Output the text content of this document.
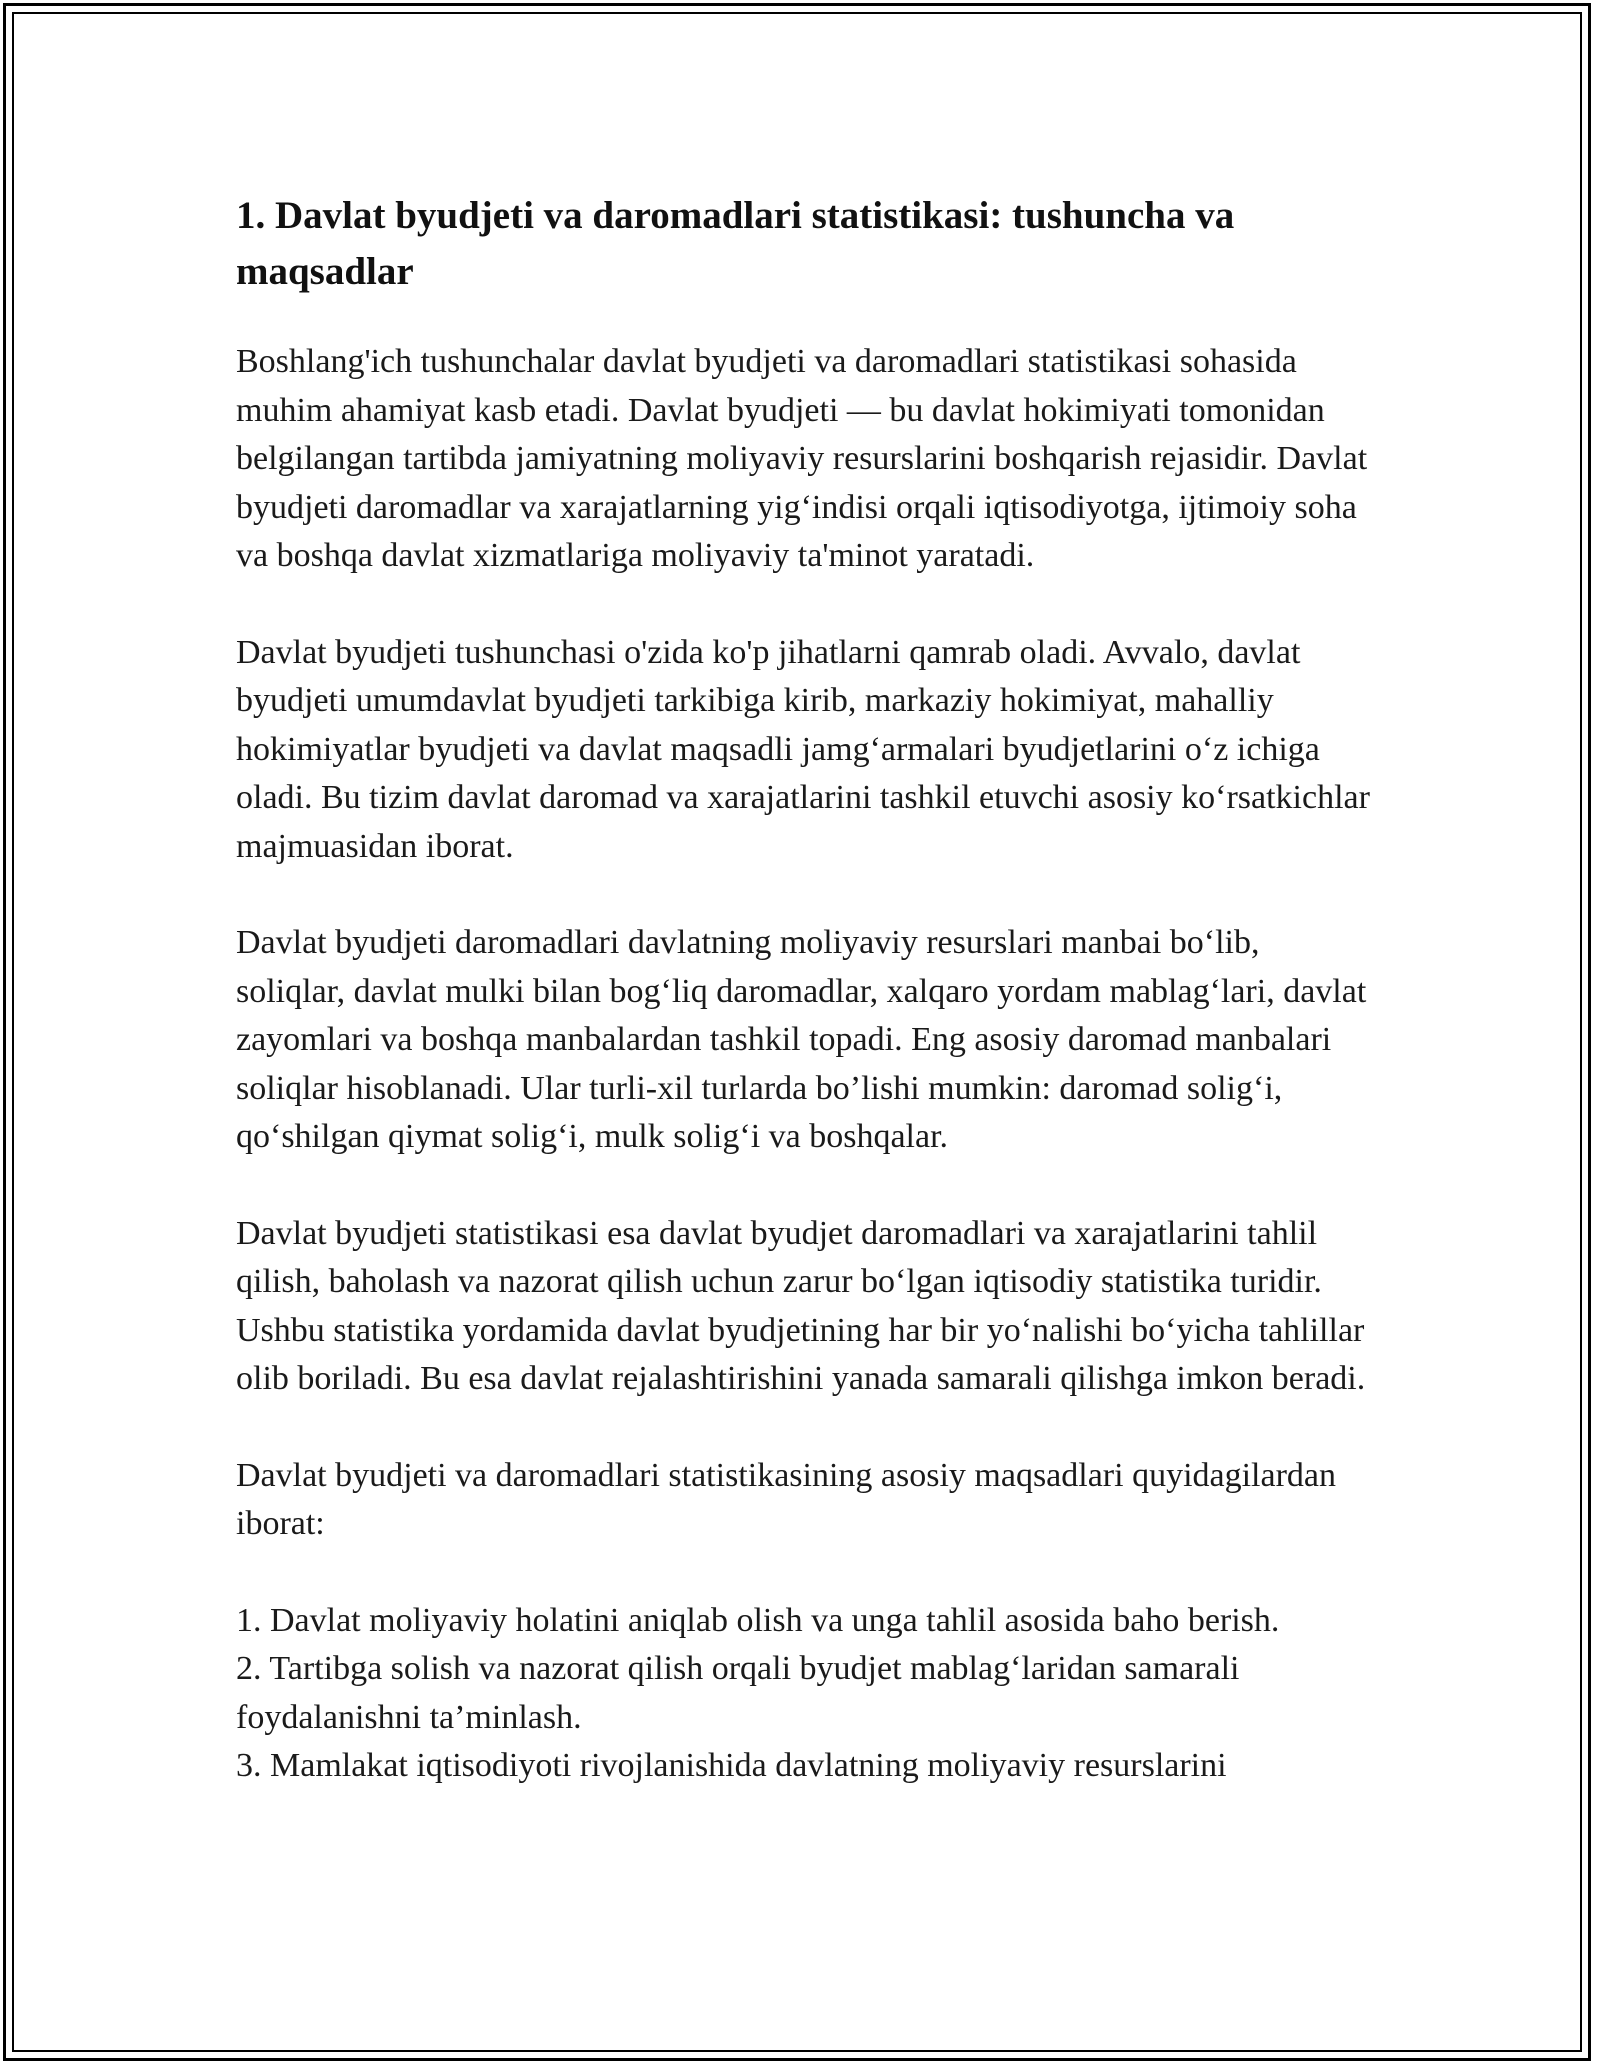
1. Davlat byudjeti va daromadlari statistikasi: tushuncha va maqsadlar

Boshlang'ich tushunchalar davlat byudjeti va daromadlari statistikasi sohasida muhim ahamiyat kasb etadi. Davlat byudjeti — bu davlat hokimiyati tomonidan belgilangan tartibda jamiyatning moliyaviy resurslarini boshqarish rejasidir. Davlat byudjeti daromadlar va xarajatlarning yig‘indisi orqali iqtisodiyotga, ijtimoiy soha va boshqa davlat xizmatlariga moliyaviy ta'minot yaratadi.

Davlat byudjeti tushunchasi o'zida ko'p jihatlarni qamrab oladi. Avvalo, davlat byudjeti umumdavlat byudjeti tarkibiga kirib, markaziy hokimiyat, mahalliy hokimiyatlar byudjeti va davlat maqsadli jamg‘armalari byudjetlarini o‘z ichiga oladi. Bu tizim davlat daromad va xarajatlarini tashkil etuvchi asosiy ko‘rsatkichlar majmuasidan iborat.

Davlat byudjeti daromadlari davlatning moliyaviy resurslari manbai bo‘lib, soliqlar, davlat mulki bilan bog‘liq daromadlar, xalqaro yordam mablag‘lari, davlat zayomlari va boshqa manbalardan tashkil topadi. Eng asosiy daromad manbalari soliqlar hisoblanadi. Ular turli-xil turlarda bo’lishi mumkin: daromad solig‘i, qo‘shilgan qiymat solig‘i, mulk solig‘i va boshqalar.

Davlat byudjeti statistikasi esa davlat byudjet daromadlari va xarajatlarini tahlil qilish, baholash va nazorat qilish uchun zarur bo‘lgan iqtisodiy statistika turidir. Ushbu statistika yordamida davlat byudjetining har bir yo‘nalishi bo‘yicha tahlillar olib boriladi. Bu esa davlat rejalashtirishini yanada samarali qilishga imkon beradi.

Davlat byudjeti va daromadlari statistikasining asosiy maqsadlari quyidagilardan iborat:

1. Davlat moliyaviy holatini aniqlab olish va unga tahlil asosida baho berish.
2. Tartibga solish va nazorat qilish orqali byudjet mablag‘laridan samarali foydalanishni ta’minlash.
3. Mamlakat iqtisodiyoti rivojlanishida davlatning moliyaviy resurslarini
